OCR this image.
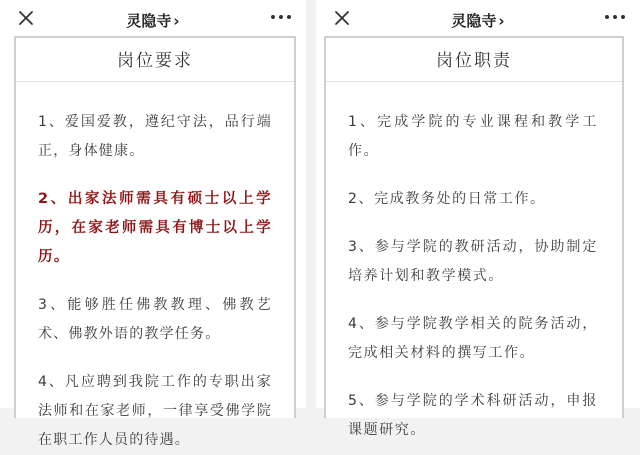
灵隐寺 ›
岗位要求
1、爱国爱教，遵纪守法，品行端正，身体健康。
2、出家法师需具有硕士以上学历，在家老师需具有博士以上学历。
3、能够胜任佛教教理、佛教艺术、佛教外语的教学任务。
4、凡应聘到我院工作的专职出家法师和在家老师，一律享受佛学院在职工作人员的待遇。
灵隐寺 ›
岗位职责
1、完成学院的专业课程和教学工作。
2、完成教务处的日常工作。
3、参与学院的教研活动，协助制定培养计划和教学模式。
4、参与学院教学相关的院务活动，完成相关材料的撰写工作。
5、参与学院的学术科研活动，申报课题研究。
